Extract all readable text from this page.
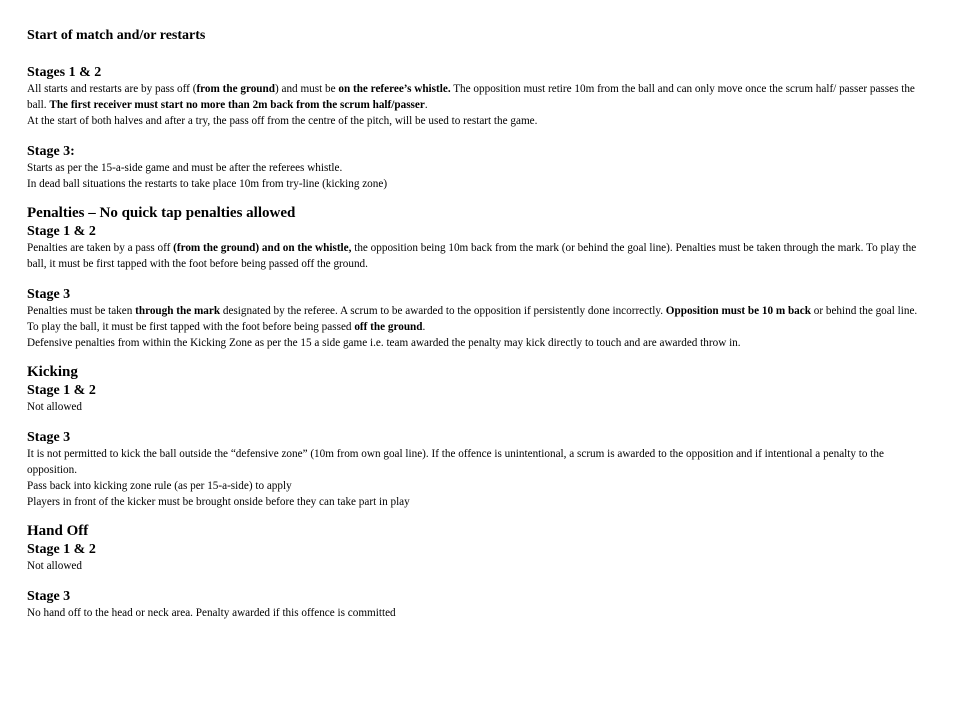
Start of match and/or restarts
Stages 1 & 2

All starts and restarts are by pass off (from the ground) and must be on the referee’s whistle. The opposition must retire 10m from the ball and can only move once the scrum half/ passer passes the ball. The first receiver must start no more than 2m back from the scrum half/passer.

At the start of both halves and after a try, the pass off from the centre of the pitch, will be used to restart the game.

Stage 3:

Starts as per the 15-a-side game and must be after the referees whistle.

In dead ball situations the restarts to take place 10m from try-line (kicking zone)

Penalties – No quick tap penalties allowed
Stage 1 & 2

Penalties are taken by a pass off (from the ground) and on the whistle, the opposition being 10m back from the mark (or behind the goal line). Penalties must be taken through the mark. To play the ball, it must be first tapped with the foot before being passed off the ground.

Stage 3

Penalties must be taken through the mark designated by the referee. A scrum to be awarded to the opposition if persistently done incorrectly. Opposition must be 10 m back or behind the goal line. To play the ball, it must be first tapped with the foot before being passed off the ground.

Defensive penalties from within the Kicking Zone as per the 15 a side game i.e. team awarded the penalty may kick directly to touch and are awarded throw in.

Kicking
Stage 1 & 2

Not allowed

Stage 3

It is not permitted to kick the ball outside the “defensive zone” (10m from own goal line). If the offence is unintentional, a scrum is awarded to the opposition and if intentional a penalty to the opposition.

Pass back into kicking zone rule (as per 15-a-side) to apply

Players in front of the kicker must be brought onside before they can take part in play

Hand Off
Stage 1 & 2

Not allowed

Stage 3

No hand off to the head or neck area. Penalty awarded if this offence is committed
